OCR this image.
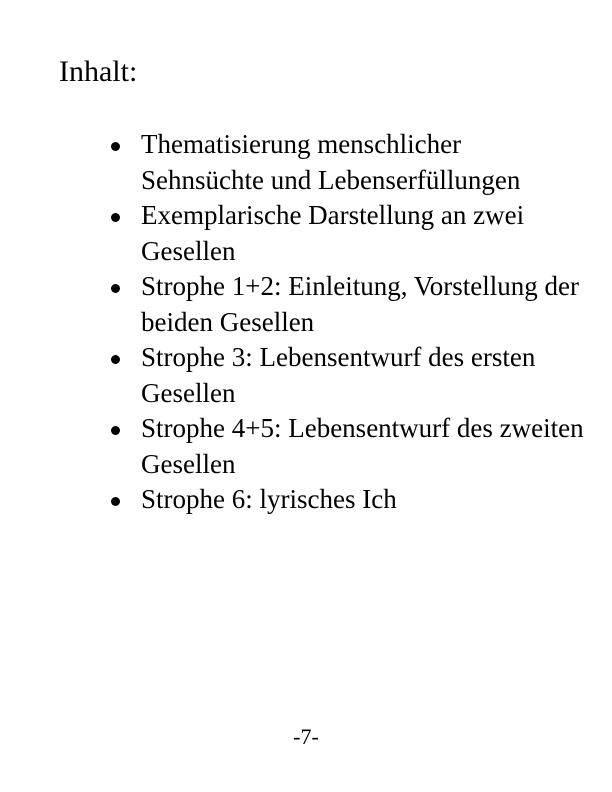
Inhalt:
Thematisierung menschlicher Sehnsüchte und Lebenserfüllungen
Exemplarische Darstellung an zwei Gesellen
Strophe 1+2: Einleitung, Vorstellung der beiden Gesellen
Strophe 3: Lebensentwurf des ersten Gesellen
Strophe 4+5: Lebensentwurf des zweiten Gesellen
Strophe 6: lyrisches Ich
-7-
